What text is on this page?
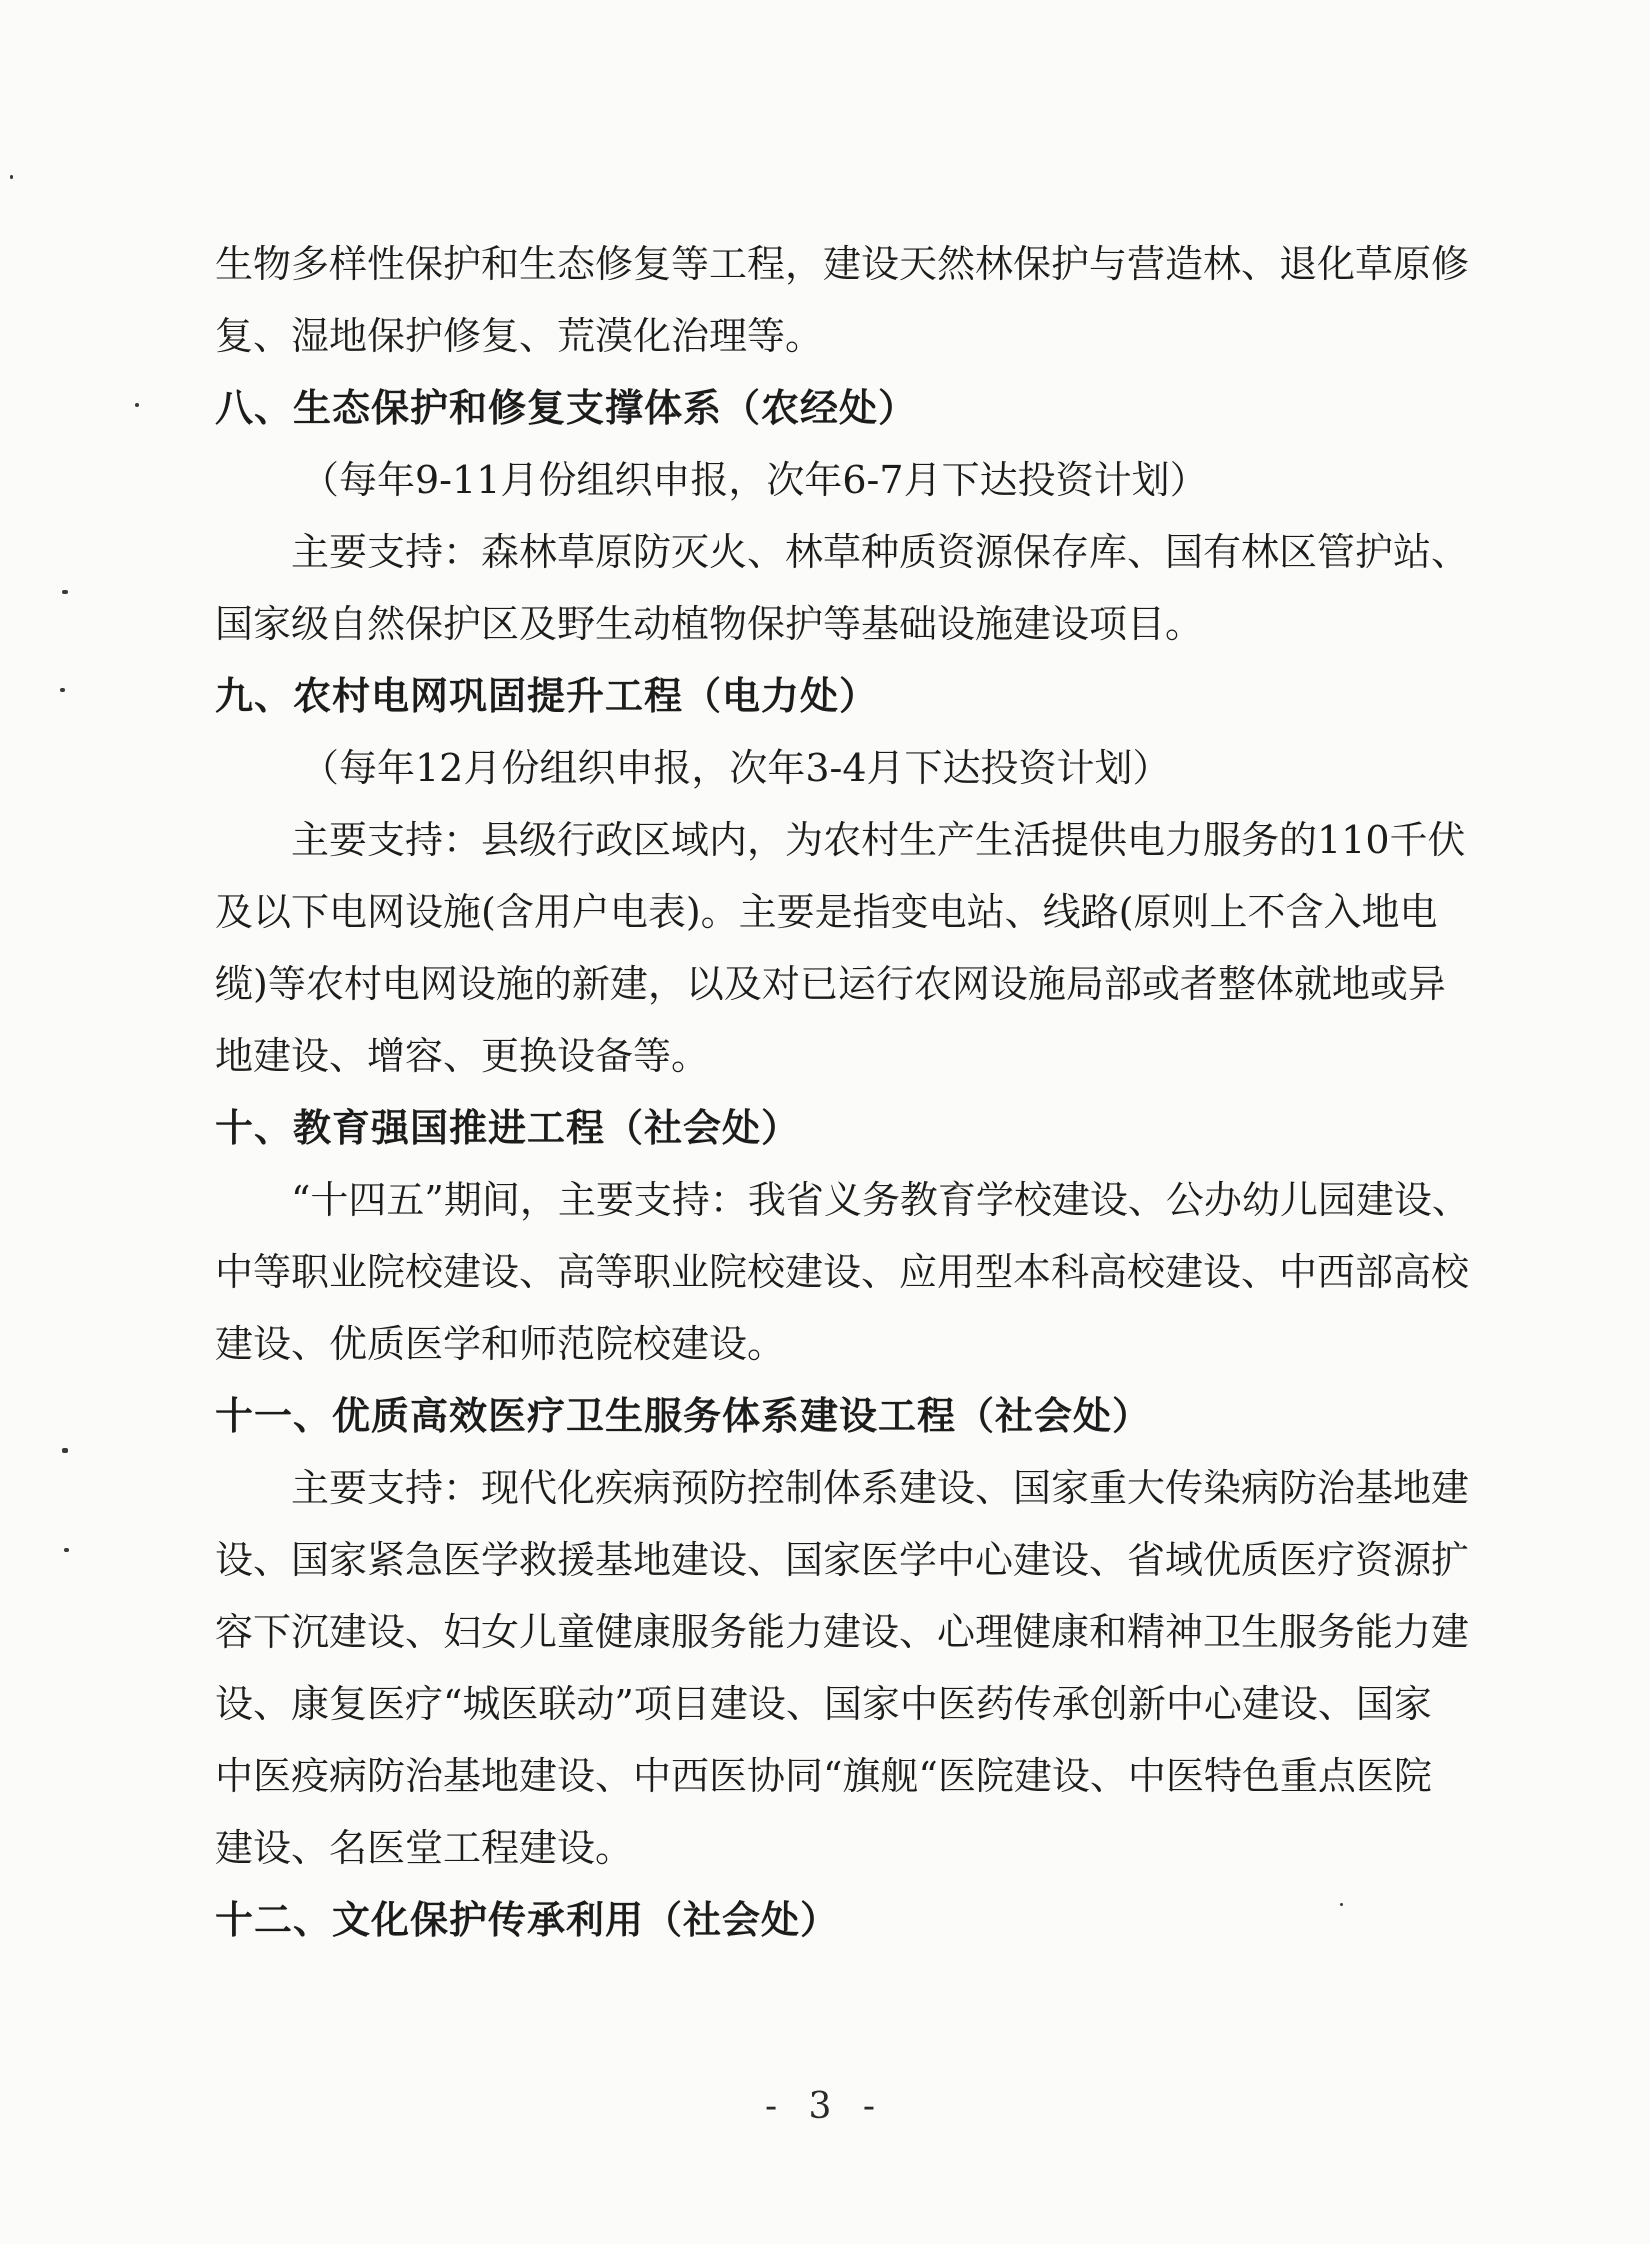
生物多样性保护和生态修复等工程，建设天然林保护与营造林、退化草原修
复、湿地保护修复、荒漠化治理等。
八、生态保护和修复支撑体系（农经处）
（每年9-11月份组织申报，次年6-7月下达投资计划）
主要支持：森林草原防灭火、林草种质资源保存库、国有林区管护站、
国家级自然保护区及野生动植物保护等基础设施建设项目。
九、农村电网巩固提升工程（电力处）
（每年12月份组织申报，次年3-4月下达投资计划）
主要支持：县级行政区域内，为农村生产生活提供电力服务的110千伏
及以下电网设施(含用户电表)。主要是指变电站、线路(原则上不含入地电
缆)等农村电网设施的新建，以及对已运行农网设施局部或者整体就地或异
地建设、增容、更换设备等。
十、教育强国推进工程（社会处）
“十四五”期间，主要支持：我省义务教育学校建设、公办幼儿园建设、
中等职业院校建设、高等职业院校建设、应用型本科高校建设、中西部高校
建设、优质医学和师范院校建设。
十一、优质高效医疗卫生服务体系建设工程（社会处）
主要支持：现代化疾病预防控制体系建设、国家重大传染病防治基地建
设、国家紧急医学救援基地建设、国家医学中心建设、省域优质医疗资源扩
容下沉建设、妇女儿童健康服务能力建设、心理健康和精神卫生服务能力建
设、康复医疗“城医联动”项目建设、国家中医药传承创新中心建设、国家
中医疫病防治基地建设、中西医协同“旗舰“医院建设、中医特色重点医院
建设、名医堂工程建设。
十二、文化保护传承利用（社会处）
- 3 -
